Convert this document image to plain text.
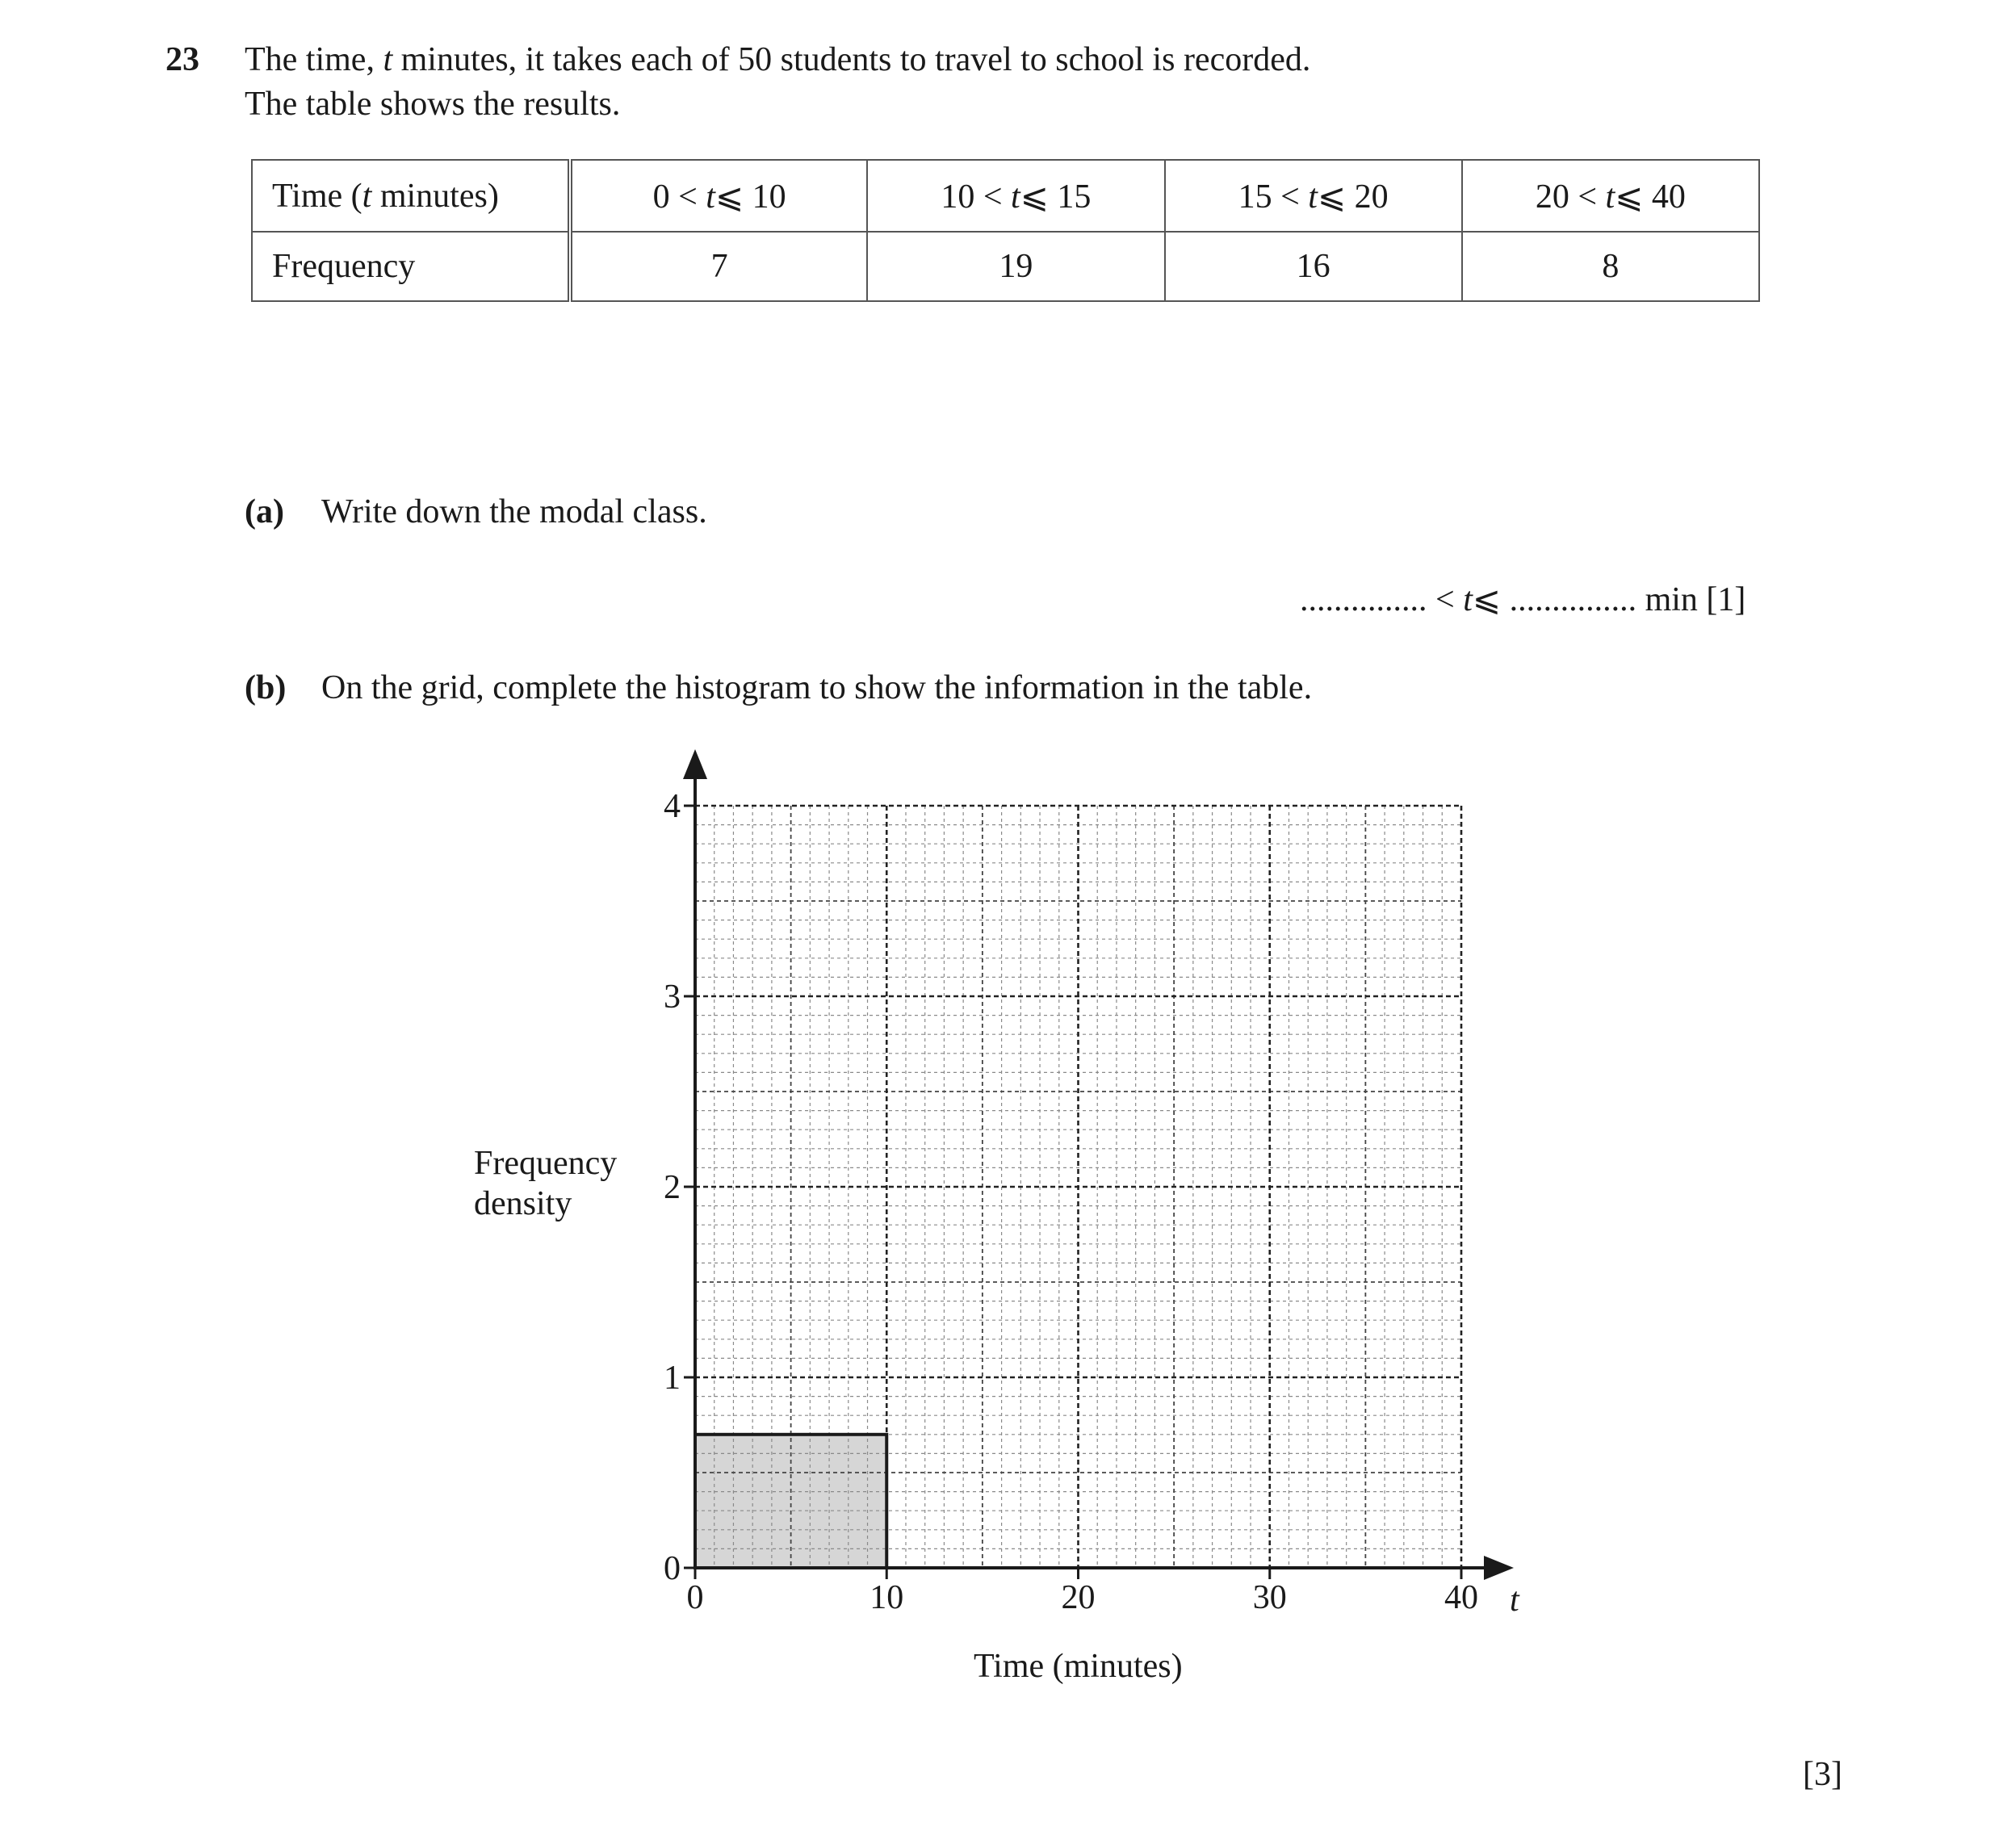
23 The time, t minutes, it takes each of 50 students to travel to school is recorded.
The table shows the results.
Time (t minutes)	0 < t⩽ 10	10 < t⩽ 15	15 < t⩽ 20	20 < t⩽ 40
Frequency	7	19	16	8
(a) Write down the modal class.
............... < t⩽ ............... min [1]
(b) On the grid, complete the histogram to show the information in the table.
0	10	20	30	40
0
1
2
3
4
Frequency
density
Time (minutes)
t
[3]
